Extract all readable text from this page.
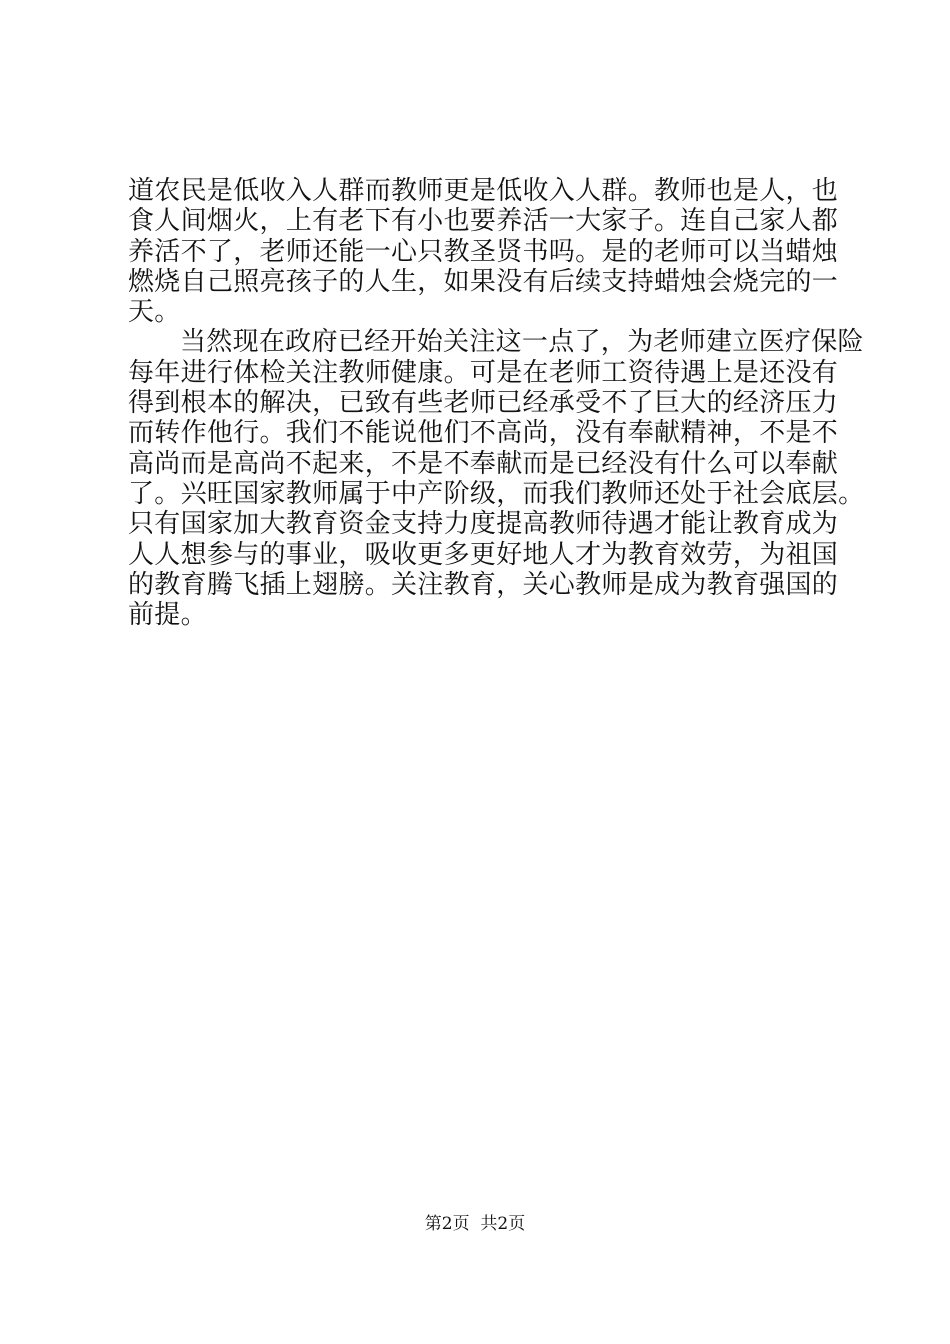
道农民是低收入人群而教师更是低收入人群。教师也是人，也
食人间烟火，上有老下有小也要养活一大家子。连自己家人都
养活不了，老师还能一心只教圣贤书吗。是的老师可以当蜡烛
燃烧自己照亮孩子的人生，如果没有后续支持蜡烛会烧完的一
天。
当然现在政府已经开始关注这一点了，为老师建立医疗保险
每年进行体检关注教师健康。可是在老师工资待遇上是还没有
得到根本的解决，已致有些老师已经承受不了巨大的经济压力
而转作他行。我们不能说他们不高尚，没有奉献精神，不是不
高尚而是高尚不起来，不是不奉献而是已经没有什么可以奉献
了。兴旺国家教师属于中产阶级，而我们教师还处于社会底层。
只有国家加大教育资金支持力度提高教师待遇才能让教育成为
人人想参与的事业，吸收更多更好地人才为教育效劳，为祖国
的教育腾飞插上翅膀。关注教育，关心教师是成为教育强国的
前提。
第2页  共2页
